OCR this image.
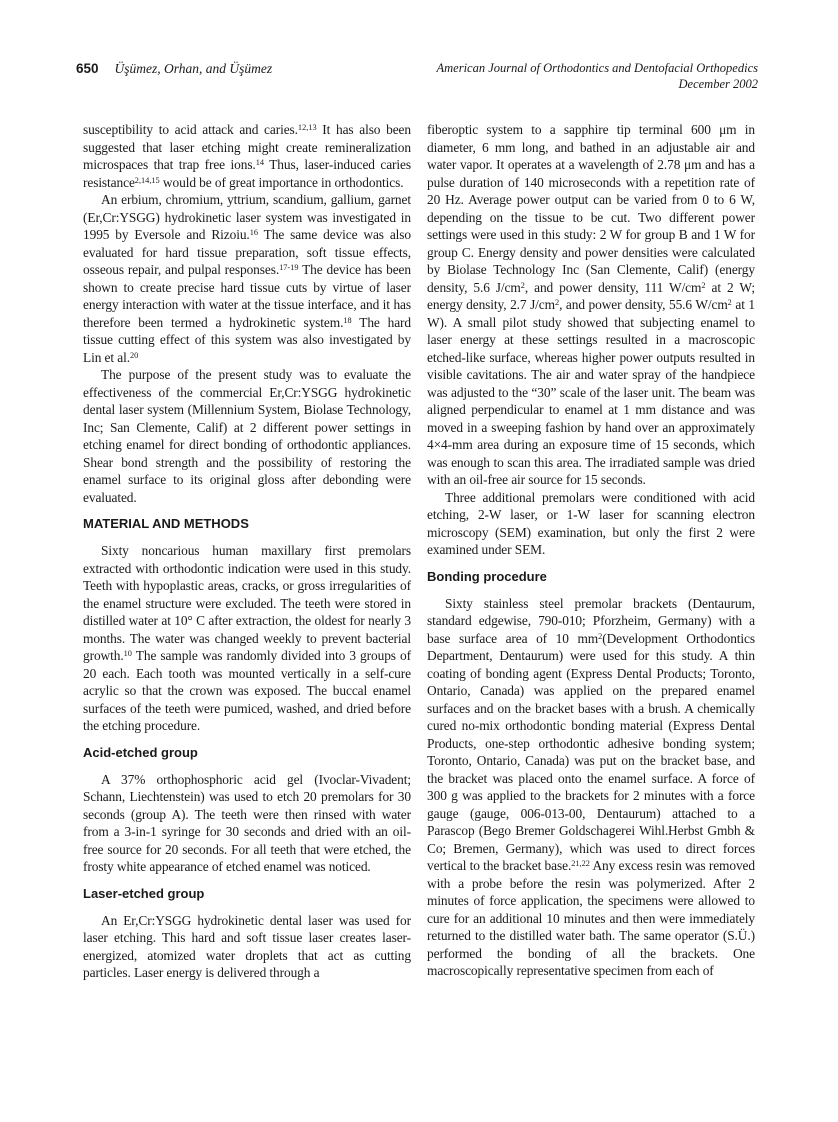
650 Üşümez, Orhan, and Üşümez	American Journal of Orthodontics and Dentofacial Orthopedics
December 2002

susceptibility to acid attack and caries.$^{12,13}$ It has also been suggested that laser etching might create remineralization microspaces that trap free ions.$^{14}$ Thus, laser-induced caries resistance$^{2,14,15}$ would be of great importance in orthodontics.

An erbium, chromium, yttrium, scandium, gallium, garnet (Er,Cr:YSGG) hydrokinetic laser system was investigated in 1995 by Eversole and Rizoiu.$^{16}$ The same device was also evaluated for hard tissue preparation, soft tissue effects, osseous repair, and pulpal responses.$^{17-19}$ The device has been shown to create precise hard tissue cuts by virtue of laser energy interaction with water at the tissue interface, and it has therefore been termed a hydrokinetic system.$^{18}$ The hard tissue cutting effect of this system was also investigated by Lin et al.$^{20}$

The purpose of the present study was to evaluate the effectiveness of the commercial Er,Cr:YSGG hydrokinetic dental laser system (Millennium System, Biolase Technology, Inc; San Clemente, Calif) at 2 different power settings in etching enamel for direct bonding of orthodontic appliances. Shear bond strength and the possibility of restoring the enamel surface to its original gloss after debonding were evaluated.

MATERIAL AND METHODS

Sixty noncarious human maxillary first premolars extracted with orthodontic indication were used in this study. Teeth with hypoplastic areas, cracks, or gross irregularities of the enamel structure were excluded. The teeth were stored in distilled water at 10° C after extraction, the oldest for nearly 3 months. The water was changed weekly to prevent bacterial growth.$^{10}$ The sample was randomly divided into 3 groups of 20 each. Each tooth was mounted vertically in a self-cure acrylic so that the crown was exposed. The buccal enamel surfaces of the teeth were pumiced, washed, and dried before the etching procedure.

Acid-etched group

A 37% orthophosphoric acid gel (Ivoclar-Vivadent; Schann, Liechtenstein) was used to etch 20 premolars for 30 seconds (group A). The teeth were then rinsed with water from a 3-in-1 syringe for 30 seconds and dried with an oil-free source for 20 seconds. For all teeth that were etched, the frosty white appearance of etched enamel was noticed.

Laser-etched group

An Er,Cr:YSGG hydrokinetic dental laser was used for laser etching. This hard and soft tissue laser creates laser-energized, atomized water droplets that act as cutting particles. Laser energy is delivered through a

fiberoptic system to a sapphire tip terminal 600 μm in diameter, 6 mm long, and bathed in an adjustable air and water vapor. It operates at a wavelength of 2.78 μm and has a pulse duration of 140 microseconds with a repetition rate of 20 Hz. Average power output can be varied from 0 to 6 W, depending on the tissue to be cut. Two different power settings were used in this study: 2 W for group B and 1 W for group C. Energy density and power densities were calculated by Biolase Technology Inc (San Clemente, Calif) (energy density, 5.6 $J/cm^2$, and power density, 111 $W/cm^2$ at 2 W; energy density, 2.7 $J/cm^2$, and power density, 55.6 $W/cm^2$ at 1 W). A small pilot study showed that subjecting enamel to laser energy at these settings resulted in a macroscopic etched-like surface, whereas higher power outputs resulted in visible cavitations. The air and water spray of the handpiece was adjusted to the “30” scale of the laser unit. The beam was aligned perpendicular to enamel at 1 mm distance and was moved in a sweeping fashion by hand over an approximately 4×4-mm area during an exposure time of 15 seconds, which was enough to scan this area. The irradiated sample was dried with an oil-free air source for 15 seconds.

Three additional premolars were conditioned with acid etching, 2-W laser, or 1-W laser for scanning electron microscopy (SEM) examination, but only the first 2 were examined under SEM.

Bonding procedure

Sixty stainless steel premolar brackets (Dentaurum, standard edgewise, 790-010; Pforzheim, Germany) with a base surface area of 10 $mm^2(Development$ Orthodontics Department, Dentaurum) were used for this study. A thin coating of bonding agent (Express Dental Products; Toronto, Ontario, Canada) was applied on the prepared enamel surfaces and on the bracket bases with a brush. A chemically cured no-mix orthodontic bonding material (Express Dental Products, one-step orthodontic adhesive bonding system; Toronto, Ontario, Canada) was put on the bracket base, and the bracket was placed onto the enamel surface. A force of 300 g was applied to the brackets for 2 minutes with a force gauge (gauge, 006-013-00, Dentaurum) attached to a Parascop (Bego Bremer Goldschagerei Wihl.Herbst Gmbh & Co; Bremen, Germany), which was used to direct forces vertical to the bracket base.$^{21,22}$ Any excess resin was removed with a probe before the resin was polymerized. After 2 minutes of force application, the specimens were allowed to cure for an additional 10 minutes and then were immediately returned to the distilled water bath. The same operator (S.Ü.) performed the bonding of all the brackets. One macroscopically representative specimen from each of
